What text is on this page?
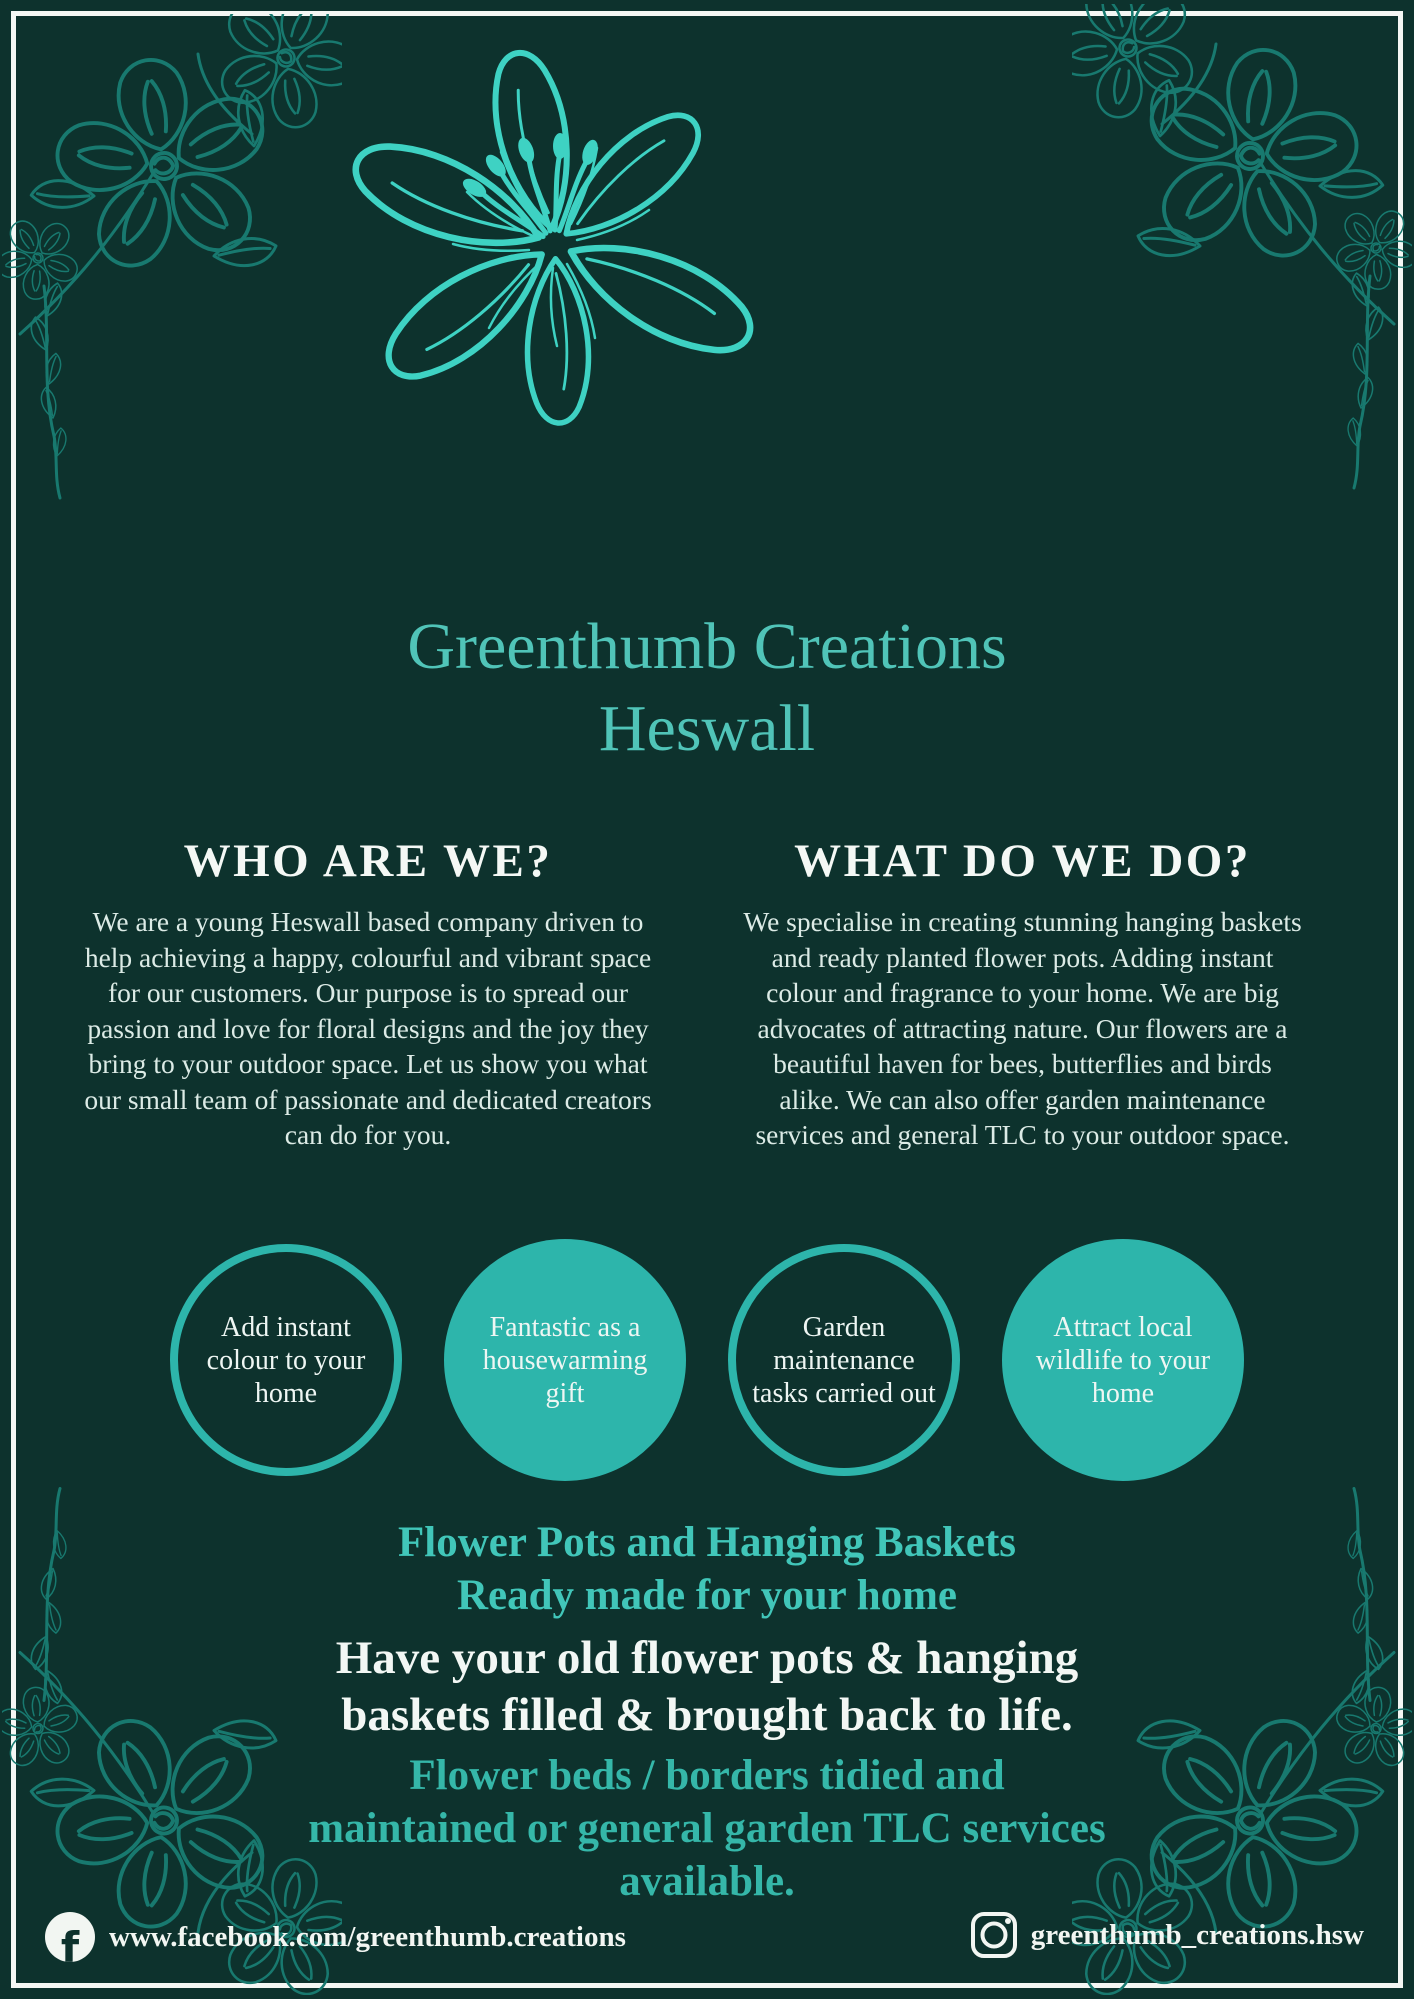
Greenthumb Creations
Heswall
WHO ARE WE?

We are a young Heswall based company driven to help achieving a happy, colourful and vibrant space for our customers. Our purpose is to spread our passion and love for floral designs and the joy they bring to your outdoor space. Let us show you what our small team of passionate and dedicated creators can do for you.

WHAT DO WE DO?

We specialise in creating stunning hanging baskets and ready planted flower pots. Adding instant colour and fragrance to your home. We are big advocates of attracting nature. Our flowers are a beautiful haven for bees, butterflies and birds alike. We can also offer garden maintenance services and general TLC to your outdoor space.

Add instant colour to your home
Fantastic as a housewarming gift
Garden maintenance tasks carried out
Attract local wildlife to your home
Flower Pots and Hanging Baskets
Ready made for your home
Have your old flower pots & hanging
baskets filled & brought back to life.
Flower beds / borders tidied and
maintained or general garden TLC services
available.
f www.facebook.com/greenthumb.creations	greenthumb_creations.hsw
